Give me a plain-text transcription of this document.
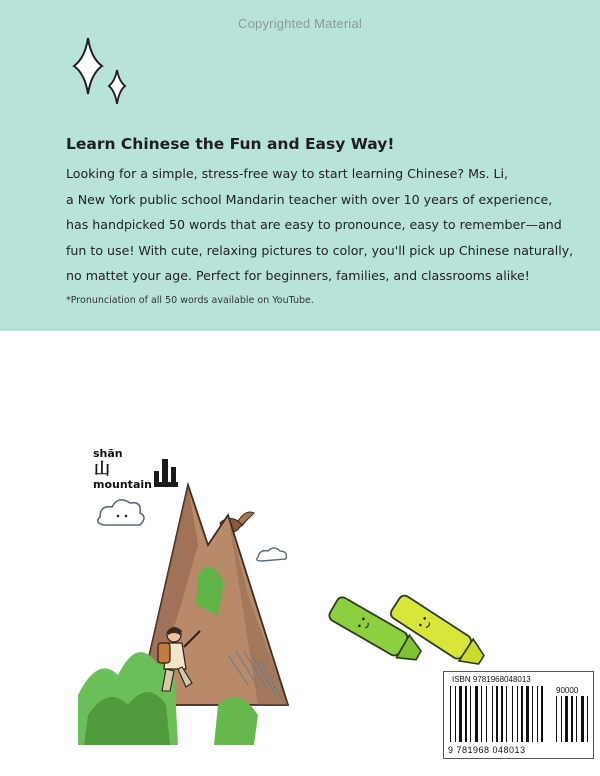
Copyrighted Material

Learn Chinese the Fun and Easy Way!

Looking for a simple, stress-free way to start learning Chinese? Ms. Li,
a New York public school Mandarin teacher with over 10 years of experience,
has handpicked 50 words that are easy to pronounce, easy to remember—and
fun to use! With cute, relaxing pictures to color, you'll pick up Chinese naturally,
no mattet your age. Perfect for beginners, families, and classrooms alike!

*Pronunciation of all 50 words available on YouTube.
shān
山
mountain
ISBN 9781968048013
90000
9 781968 048013
